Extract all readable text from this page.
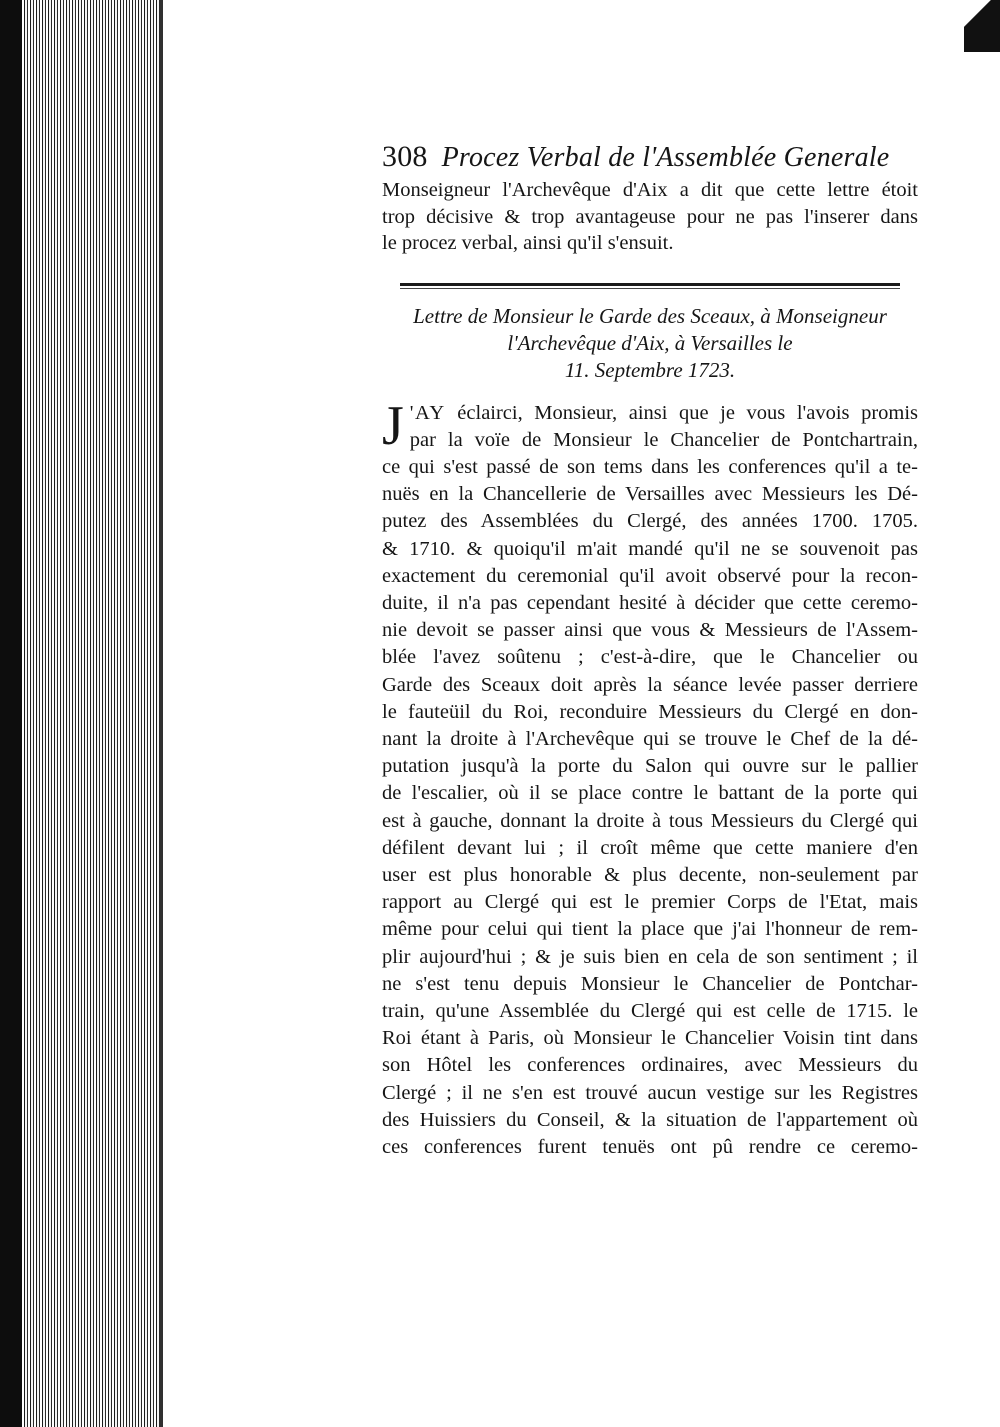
308 Procez Verbal de l'Assemblée Generale
Monseigneur l'Archevêque d'Aix a dit que cette lettre étoit
trop décisive & trop avantageuse pour ne pas l'inserer dans
le procez verbal, ainsi qu'il s'ensuit.
Lettre de Monsieur le Garde des Sceaux, à Monseigneur
l'Archevêque d'Aix, à Versailles le
11. Septembre 1723.
J 'AY éclairci, Monsieur, ainsi que je vous l'avois promis
par la voïe de Monsieur le Chancelier de Pontchartrain,
ce qui s'est passé de son tems dans les conferences qu'il a te-
nuës en la Chancellerie de Versailles avec Messieurs les Dé-
putez des Assemblées du Clergé, des années 1700. 1705.
& 1710. & quoiqu'il m'ait mandé qu'il ne se souvenoit pas
exactement du ceremonial qu'il avoit observé pour la recon-
duite, il n'a pas cependant hesité à décider que cette ceremo-
nie devoit se passer ainsi que vous & Messieurs de l'Assem-
blée l'avez soûtenu ; c'est-à-dire, que le Chancelier ou
Garde des Sceaux doit après la séance levée passer derriere
le fauteüil du Roi, reconduire Messieurs du Clergé en don-
nant la droite à l'Archevêque qui se trouve le Chef de la dé-
putation jusqu'à la porte du Salon qui ouvre sur le pallier
de l'escalier, où il se place contre le battant de la porte qui
est à gauche, donnant la droite à tous Messieurs du Clergé qui
défilent devant lui ; il croît même que cette maniere d'en
user est plus honorable & plus decente, non-seulement par
rapport au Clergé qui est le premier Corps de l'Etat, mais
même pour celui qui tient la place que j'ai l'honneur de rem-
plir aujourd'hui ; & je suis bien en cela de son sentiment ; il
ne s'est tenu depuis Monsieur le Chancelier de Pontchar-
train, qu'une Assemblée du Clergé qui est celle de 1715. le
Roi étant à Paris, où Monsieur le Chancelier Voisin tint dans
son Hôtel les conferences ordinaires, avec Messieurs du
Clergé ; il ne s'en est trouvé aucun vestige sur les Registres
des Huissiers du Conseil, & la situation de l'appartement où
ces conferences furent tenuës ont pû rendre ce ceremo-
